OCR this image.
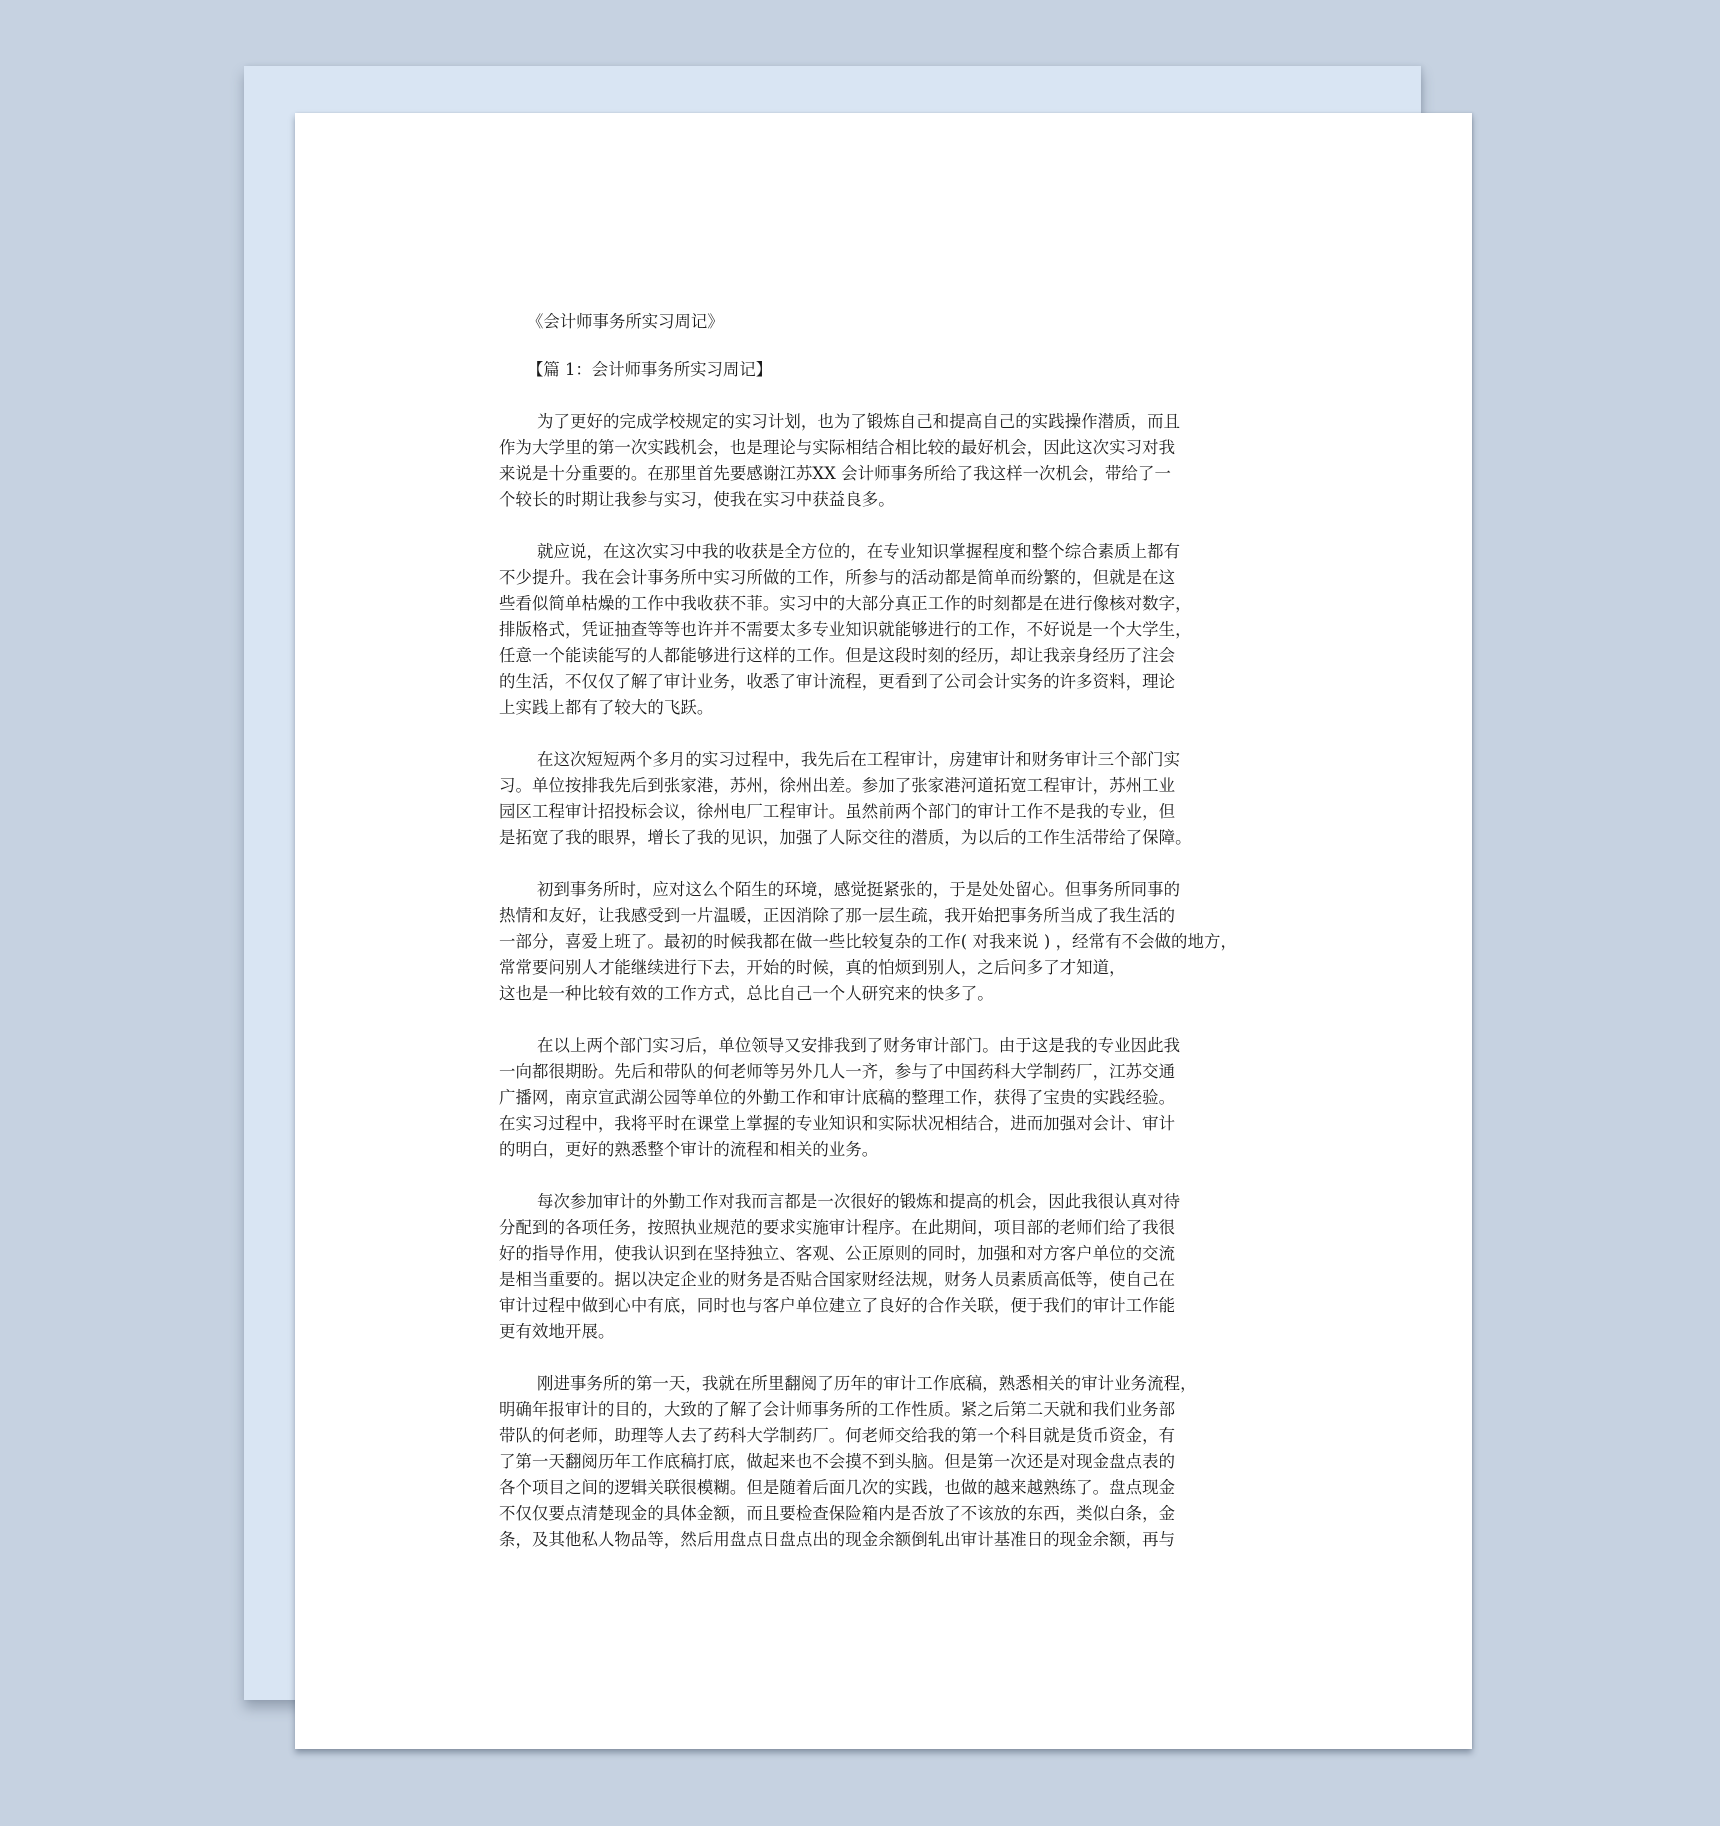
《会计师事务所实习周记》
【篇 1：会计师事务所实习周记】
为了更好的完成学校规定的实习计划，也为了锻炼自己和提高自己的实践操作潜质，而且
作为大学里的第一次实践机会，也是理论与实际相结合相比较的最好机会，因此这次实习对我
来说是十分重要的。在那里首先要感谢江苏XX 会计师事务所给了我这样一次机会，带给了一
个较长的时期让我参与实习，使我在实习中获益良多。
就应说，在这次实习中我的收获是全方位的，在专业知识掌握程度和整个综合素质上都有
不少提升。我在会计事务所中实习所做的工作，所参与的活动都是简单而纷繁的，但就是在这
些看似简单枯燥的工作中我收获不菲。实习中的大部分真正工作的时刻都是在进行像核对数字，
排版格式，凭证抽查等等也许并不需要太多专业知识就能够进行的工作，不好说是一个大学生，
任意一个能读能写的人都能够进行这样的工作。但是这段时刻的经历，却让我亲身经历了注会
的生活，不仅仅了解了审计业务，收悉了审计流程，更看到了公司会计实务的许多资料，理论
上实践上都有了较大的飞跃。
在这次短短两个多月的实习过程中，我先后在工程审计，房建审计和财务审计三个部门实
习。单位按排我先后到张家港，苏州，徐州出差。参加了张家港河道拓宽工程审计，苏州工业
园区工程审计招投标会议，徐州电厂工程审计。虽然前两个部门的审计工作不是我的专业，但
是拓宽了我的眼界，增长了我的见识，加强了人际交往的潜质，为以后的工作生活带给了保障。
初到事务所时，应对这么个陌生的环境，感觉挺紧张的，于是处处留心。但事务所同事的
热情和友好，让我感受到一片温暖，正因消除了那一层生疏，我开始把事务所当成了我生活的
一部分，喜爱上班了。最初的时候我都在做一些比较复杂的工作( 对我来说 ) ，经常有不会做的地方，
常常要问别人才能继续进行下去，开始的时候，真的怕烦到别人，之后问多了才知道，
这也是一种比较有效的工作方式，总比自己一个人研究来的快多了。
在以上两个部门实习后，单位领导又安排我到了财务审计部门。由于这是我的专业因此我
一向都很期盼。先后和带队的何老师等另外几人一齐，参与了中国药科大学制药厂，江苏交通
广播网，南京宣武湖公园等单位的外勤工作和审计底稿的整理工作，获得了宝贵的实践经验。
在实习过程中，我将平时在课堂上掌握的专业知识和实际状况相结合，进而加强对会计、审计
的明白，更好的熟悉整个审计的流程和相关的业务。
每次参加审计的外勤工作对我而言都是一次很好的锻炼和提高的机会，因此我很认真对待
分配到的各项任务，按照执业规范的要求实施审计程序。在此期间，项目部的老师们给了我很
好的指导作用，使我认识到在坚持独立、客观、公正原则的同时，加强和对方客户单位的交流
是相当重要的。据以决定企业的财务是否贴合国家财经法规，财务人员素质高低等，使自己在
审计过程中做到心中有底，同时也与客户单位建立了良好的合作关联，便于我们的审计工作能
更有效地开展。
刚进事务所的第一天，我就在所里翻阅了历年的审计工作底稿，熟悉相关的审计业务流程，
明确年报审计的目的，大致的了解了会计师事务所的工作性质。紧之后第二天就和我们业务部
带队的何老师，助理等人去了药科大学制药厂。何老师交给我的第一个科目就是货币资金，有
了第一天翻阅历年工作底稿打底，做起来也不会摸不到头脑。但是第一次还是对现金盘点表的
各个项目之间的逻辑关联很模糊。但是随着后面几次的实践，也做的越来越熟练了。盘点现金
不仅仅要点清楚现金的具体金额，而且要检查保险箱内是否放了不该放的东西，类似白条，金
条，及其他私人物品等，然后用盘点日盘点出的现金余额倒轧出审计基准日的现金余额，再与
